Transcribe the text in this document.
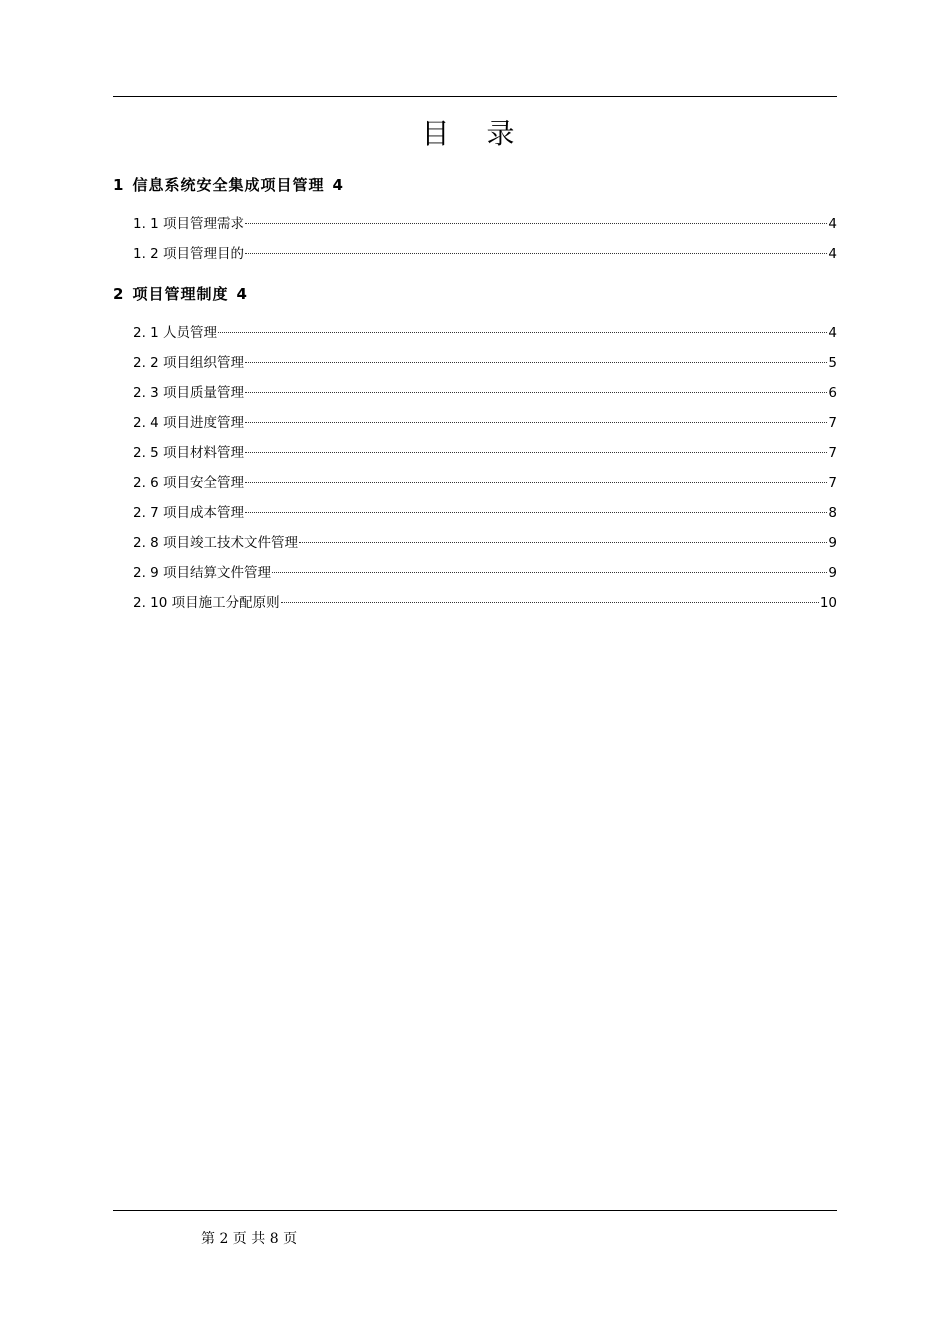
目 录
1 信息系统安全集成项目管理 4
1. 1 项目管理需求	4
1. 2 项目管理目的	4
2 项目管理制度 4
2. 1 人员管理	4
2. 2 项目组织管理	5
2. 3 项目质量管理	6
2. 4 项目进度管理	7
2. 5 项目材料管理	7
2. 6 项目安全管理	7
2. 7 项目成本管理	8
2. 8 项目竣工技术文件管理	9
2. 9 项目结算文件管理	9
2. 10 项目施工分配原则	10
第 2 页 共 8 页
